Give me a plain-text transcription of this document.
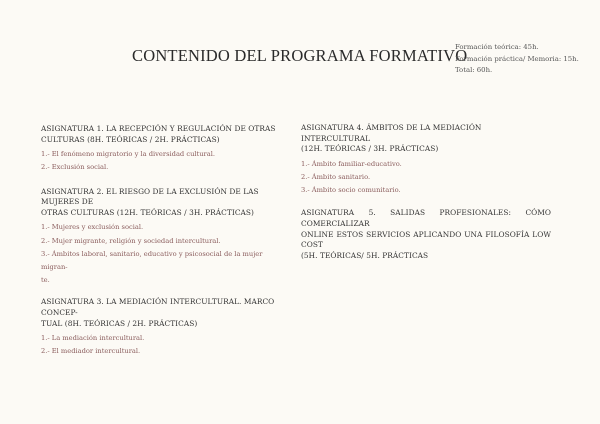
CONTENIDO DEL PROGRAMA FORMATIVO
Formación teórica: 45h.
Formación práctica/ Memoria: 15h.
Total: 60h.
ASIGNATURA 1. LA RECEPCIÓN Y REGULACIÓN DE OTRAS
CULTURAS (8H. TEÓRICAS / 2H. PRÁCTICAS)
1.- El fenómeno migratorio y la diversidad cultural.
2.- Exclusión social.
ASIGNATURA 2. EL RIESGO DE LA EXCLUSIÓN DE LAS MUJERES DE
OTRAS CULTURAS (12H. TEÓRICAS / 3H. PRÁCTICAS)
1.- Mujeres y exclusión social.
2.- Mujer migrante, religión y sociedad intercultural.
3.- Ámbitos laboral, sanitario, educativo y psicosocial de la mujer migran-
te.
ASIGNATURA 3. LA MEDIACIÓN INTERCULTURAL. MARCO CONCEP-
TUAL (8H. TEÓRICAS / 2H. PRÁCTICAS)
1.- La mediación intercultural.
2.- El mediador intercultural.
ASIGNATURA 4. ÁMBITOS DE LA MEDIACIÓN INTERCULTURAL
(12H. TEÓRICAS / 3H. PRÁCTICAS)
1.- Ámbito familiar-educativo.
2.- Ámbito sanitario.
3.- Ámbito socio comunitario.
ASIGNATURA 5. SALIDAS PROFESIONALES: CÓMO COMERCIALIZAR
ONLINE ESTOS SERVICIOS APLICANDO UNA FILOSOFÍA LOW COST
(5H. TEÓRICAS/ 5H. PRÁCTICAS
